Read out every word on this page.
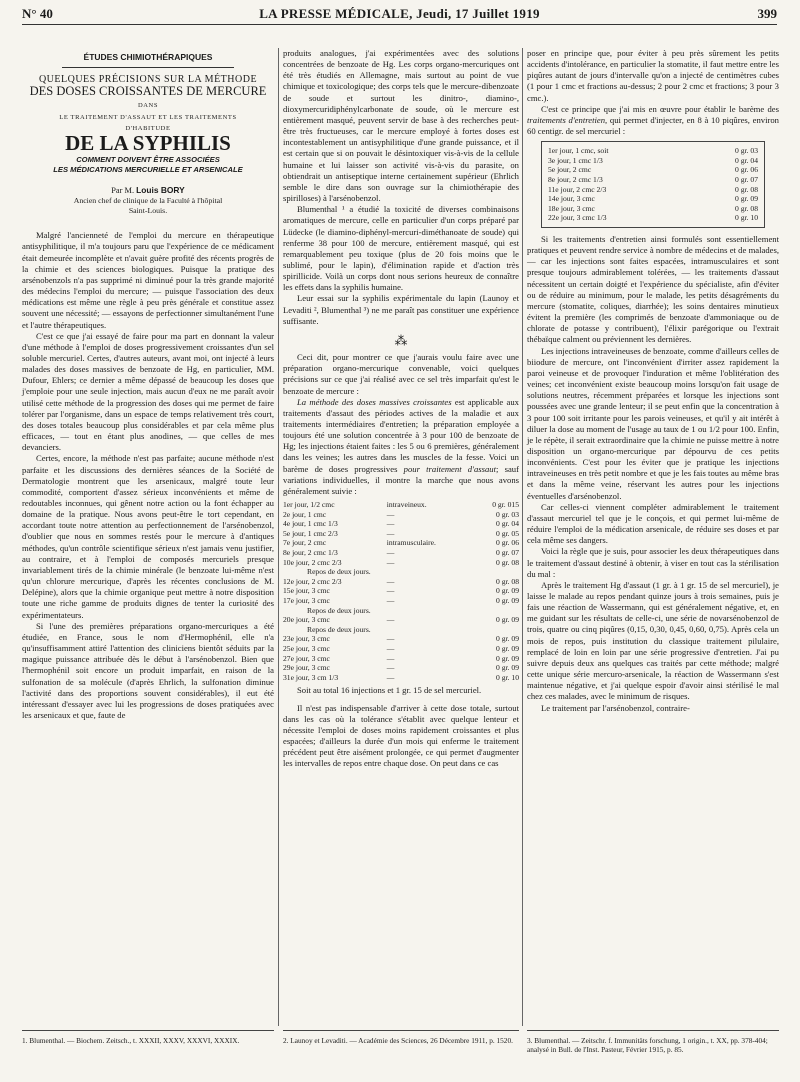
N° 40	LA PRESSE MÉDICALE, Jeudi, 17 Juillet 1919	399
ÉTUDES CHIMIOTHÉRAPIQUES
QUELQUES PRÉCISIONS SUR LA MÉTHODE
DES DOSES CROISSANTES DE MERCURE
DANS
LE TRAITEMENT D'ASSAUT ET LES TRAITEMENTS
D'HABITUDE
DE LA SYPHILIS
COMMENT DOIVENT ÊTRE ASSOCIÉES
LES MÉDICATIONS MERCURIELLE ET ARSENICALE
Par M. Louis BORY
Ancien chef de clinique de la Faculté à l'hôpital
Saint-Louis.

Malgré l'ancienneté de l'emploi du mercure en thérapeutique antisyphilitique, il m'a toujours paru que l'expérience de ce médicament était demeurée incomplète et n'avait guère profité des récents progrès de la chimie et des sciences biologiques. Puisque la pratique des arsénobenzols n'a pas supprimé ni diminué pour la très grande majorité des médecins l'emploi du mercure; — puisque l'association des deux médications est même une règle à peu près générale et constitue assez souvent une nécessité; — essayons de perfectionner simultanément l'une et l'autre thérapeutiques.

C'est ce que j'ai essayé de faire pour ma part en donnant la valeur d'une méthode à l'emploi de doses progressivement croissantes d'un sel soluble mercuriel. Certes, d'autres auteurs, avant moi, ont injecté à leurs malades des doses massives de benzoate de Hg, en particulier, MM. Dufour, Ehlers; ce dernier a même dépassé de beaucoup les doses que j'emploie pour une seule injection, mais aucun d'eux ne me paraît avoir utilisé cette méthode de la progression des doses qui me permet de faire tolérer par l'organisme, dans un espace de temps relativement très court, des doses totales beaucoup plus considérables et par cela même plus efficaces, — tout en étant plus anodines, — que celles de mes devanciers.

Certes, encore, la méthode n'est pas parfaite; aucune méthode n'est parfaite et les discussions des dernières séances de la Société de Dermatologie montrent que les arsenicaux, malgré toute leur commodité, comportent d'assez sérieux inconvénients et même de redoutables inconnues, qui gênent notre action ou la font échapper au domaine de la pratique. Nous avons peut-être le tort cependant, en accordant toute notre attention au perfectionnement de l'arsénobenzol, d'oublier que nous en sommes restés pour le mercure à d'antiques méthodes, qu'un contrôle scientifique sérieux n'est jamais venu justifier, au contraire, et à l'emploi de composés mercuriels presque invariablement tirés de la chimie minérale (le benzoate lui-même n'est qu'un chlorure mercurique, d'après les récentes conclusions de M. Delépine), alors que la chimie organique peut mettre à notre disposition toute une riche gamme de produits dignes de tenter la curiosité des expérimentateurs.

Si l'une des premières préparations organo-mercuriques a été étudiée, en France, sous le nom d'Hermophénil, elle n'a qu'insuffisamment attiré l'attention des cliniciens bientôt séduits par la magique puissance attribuée dès le début à l'arsénobenzol. Bien que l'hermophénil soit encore un produit imparfait, en raison de la sulfonation de sa molécule (d'après Ehrlich, la sulfonation diminue l'activité dans des proportions souvent considérables), il eut été intéressant d'essayer avec lui les progressions de doses pratiquées avec les arsenicaux et que, faute de

produits analogues, j'ai expérimentées avec des solutions concentrées de benzoate de Hg. Les corps organo-mercuriques ont été très étudiés en Allemagne, mais surtout au point de vue chimique et toxicologique; des corps tels que le mercure-dibenzoate de soude et surtout les dinitro-, diamino-, dioxymercuridiphénylcarbonate de soude, où le mercure est entièrement masqué, peuvent servir de base à des recherches peut-être très fructueuses, car le mercure employé à fortes doses est incontestablement un antisyphilitique d'une grande puissance, et il est certain que si on pouvait le désintoxiquer vis-à-vis de la cellule humaine et lui laisser son activité vis-à-vis du parasite, on obtiendrait un antiseptique interne certainement supérieur (Ehrlich semble le dire dans son ouvrage sur la chimiothérapie des spirilloses) à l'arsénobenzol.

Blumenthal ¹ a étudié la toxicité de diverses combinaisons aromatiques de mercure, celle en particulier d'un corps préparé par Lüdecke (le diamino-diphényl-mercuri-diméthanoate de soude) qui renferme 38 pour 100 de mercure, entièrement masqué, qui est remarquablement peu toxique (plus de 20 fois moins que le sublimé, pour le lapin), d'élimination rapide et d'action très spirillicide. Voilà un corps dont nous serions heureux de connaître les effets dans la syphilis humaine.

Leur essai sur la syphilis expérimentale du lapin (Launoy et Levaditi ², Blumenthal ³) ne me paraît pas constituer une expérience suffisante.

⁂

Ceci dit, pour montrer ce que j'aurais voulu faire avec une préparation organo-mercurique convenable, voici quelques précisions sur ce que j'ai réalisé avec ce sel très imparfait qu'est le benzoate de mercure :

La méthode des doses massives croissantes est applicable aux traitements d'assaut des périodes actives de la maladie et aux traitements intermédiaires d'entretien; la préparation employée a toujours été une solution concentrée à 3 pour 100 de benzoate de Hg; les injections étaient faites : les 5 ou 6 premières, généralement dans les veines; les autres dans les muscles de la fesse. Voici un barème de doses progressives pour traitement d'assaut; sauf variations individuelles, il montre la marche que nous avons généralement suivie :

1er jour, 1/2 cmc	intraveineux.	0 gr. 015
2e jour, 1 cmc	—	0 gr. 03
4e jour, 1 cmc 1/3	—	0 gr. 04
5e jour, 1 cmc 2/3	—	0 gr. 05
7e jour, 2 cmc	intramusculaire.	0 gr. 06
8e jour, 2 cmc 1/3	—	0 gr. 07
10e jour, 2 cmc 2/3	—	0 gr. 08
Repos de deux jours.		
12e jour, 2 cmc 2/3	—	0 gr. 08
15e jour, 3 cmc	—	0 gr. 09
17e jour, 3 cmc	—	0 gr. 09
Repos de deux jours.		
20e jour, 3 cmc	—	0 gr. 09
Repos de deux jours.		
23e jour, 3 cmc	—	0 gr. 09
25e jour, 3 cmc	—	0 gr. 09
27e jour, 3 cmc	—	0 gr. 09
29e jour, 3 cmc	—	0 gr. 09
31e jour, 3 cm 1/3	—	0 gr. 10

Soit au total 16 injections et 1 gr. 15 de sel mercuriel.

Il n'est pas indispensable d'arriver à cette dose totale, surtout dans les cas où la tolérance s'établit avec quelque lenteur et nécessite l'emploi de doses moins rapidement croissantes et plus espacées; d'ailleurs la durée d'un mois qui enferme le traitement précédent peut être aisément prolongée, ce qui permet d'augmenter les intervalles de repos entre chaque dose. On peut dans ce cas

poser en principe que, pour éviter à peu près sûrement les petits accidents d'intolérance, en particulier la stomatite, il faut mettre entre les piqûres autant de jours d'intervalle qu'on a injecté de centimètres cubes (1 pour 1 cmc et fractions au-dessus; 2 pour 2 cmc et fractions; 3 pour 3 cmc.).

C'est ce principe que j'ai mis en œuvre pour établir le barème des traitements d'entretien, qui permet d'injecter, en 8 à 10 piqûres, environ 60 centigr. de sel mercuriel :

1er jour, 1 cmc, soit	0 gr. 03
3e jour, 1 cmc 1/3	0 gr. 04
5e jour, 2 cmc	0 gr. 06
8e jour, 2 cmc 1/3	0 gr. 07
11e jour, 2 cmc 2/3	0 gr. 08
14e jour, 3 cmc	0 gr. 09
18e jour, 3 cmc	0 gr. 08
22e jour, 3 cmc 1/3	0 gr. 10

Si les traitements d'entretien ainsi formulés sont essentiellement pratiques et peuvent rendre service à nombre de médecins et de malades, — car les injections sont faites espacées, intramusculaires et sont presque toujours admirablement tolérées, — les traitements d'assaut nécessitent un certain doigté et l'expérience du spécialiste, afin d'éviter ou de réduire au minimum, pour le malade, les petits désagréments du mercure (stomatite, coliques, diarrhée); les soins dentaires minutieux évitent la première (les comprimés de benzoate d'ammoniaque ou de chlorate de potasse y contribuent), l'élixir parégorique ou l'extrait thébaïque calment ou préviennent les dernières.

Les injections intraveineuses de benzoate, comme d'ailleurs celles de biiodure de mercure, ont l'inconvénient d'irriter assez rapidement la paroi veineuse et de provoquer l'induration et même l'oblitération des veines; cet inconvénient existe beaucoup moins lorsqu'on fait usage de solutions neutres, récemment préparées et lorsque les injections sont poussées avec une grande lenteur; il se peut enfin que la concentration à 3 pour 100 soit irritante pour les parois veineuses, et qu'il y ait intérêt à diluer la dose au moment de l'usage au taux de 1 ou 1/2 pour 100. Enfin, je le répète, il serait extraordinaire que la chimie ne puisse mettre à notre disposition un organo-mercurique par dépourvu de ces petits inconvénients. C'est pour les éviter que je pratique les injections intraveineuses en très petit nombre et que je les fais toutes au même bras et dans la même veine, réservant les autres pour les injections éventuelles d'arsénobenzol.

Car celles-ci viennent compléter admirablement le traitement d'assaut mercuriel tel que je le conçois, et qui permet lui-même de réduire l'emploi de la médication arsenicale, de réduire ses doses et par cela même ses dangers.

Voici la règle que je suis, pour associer les deux thérapeutiques dans le traitement d'assaut destiné à obtenir, à viser en tout cas la stérilisation du mal :

Après le traitement Hg d'assaut (1 gr. à 1 gr. 15 de sel mercuriel), je laisse le malade au repos pendant quinze jours à trois semaines, puis je fais une réaction de Wassermann, qui est généralement négative, et, en me guidant sur les résultats de celle-ci, une série de novarsénobenzol de trois, quatre ou cinq piqûres (0,15, 0,30, 0,45, 0,60, 0,75). Après cela un mois de repos, puis institution du classique traitement pilulaire, remplacé de loin en loin par une série progressive d'entretien. J'ai pu suivre depuis deux ans quelques cas traités par cette méthode; malgré cette unique série mercuro-arsenicale, la réaction de Wassermann s'est maintenue négative, et j'ai quelque espoir d'avoir ainsi stérilisé le mal chez ces malades, avec le minimum de risques.

Le traitement par l'arsénobenzol, contraire-

1. Blumenthal. — Biochem. Zeitsch., t. XXXII, XXXV, XXXVI, XXXIX.	2. Launoy et Levaditi. — Académie des Sciences, 26 Décembre 1911, p. 1520.	3. Blumenthal. — Zeitschr. f. Immunitäts forschung, 1 origin., t. XX, pp. 378-404; analysé in Bull. de l'Inst. Pasteur, Février 1915, p. 85.
